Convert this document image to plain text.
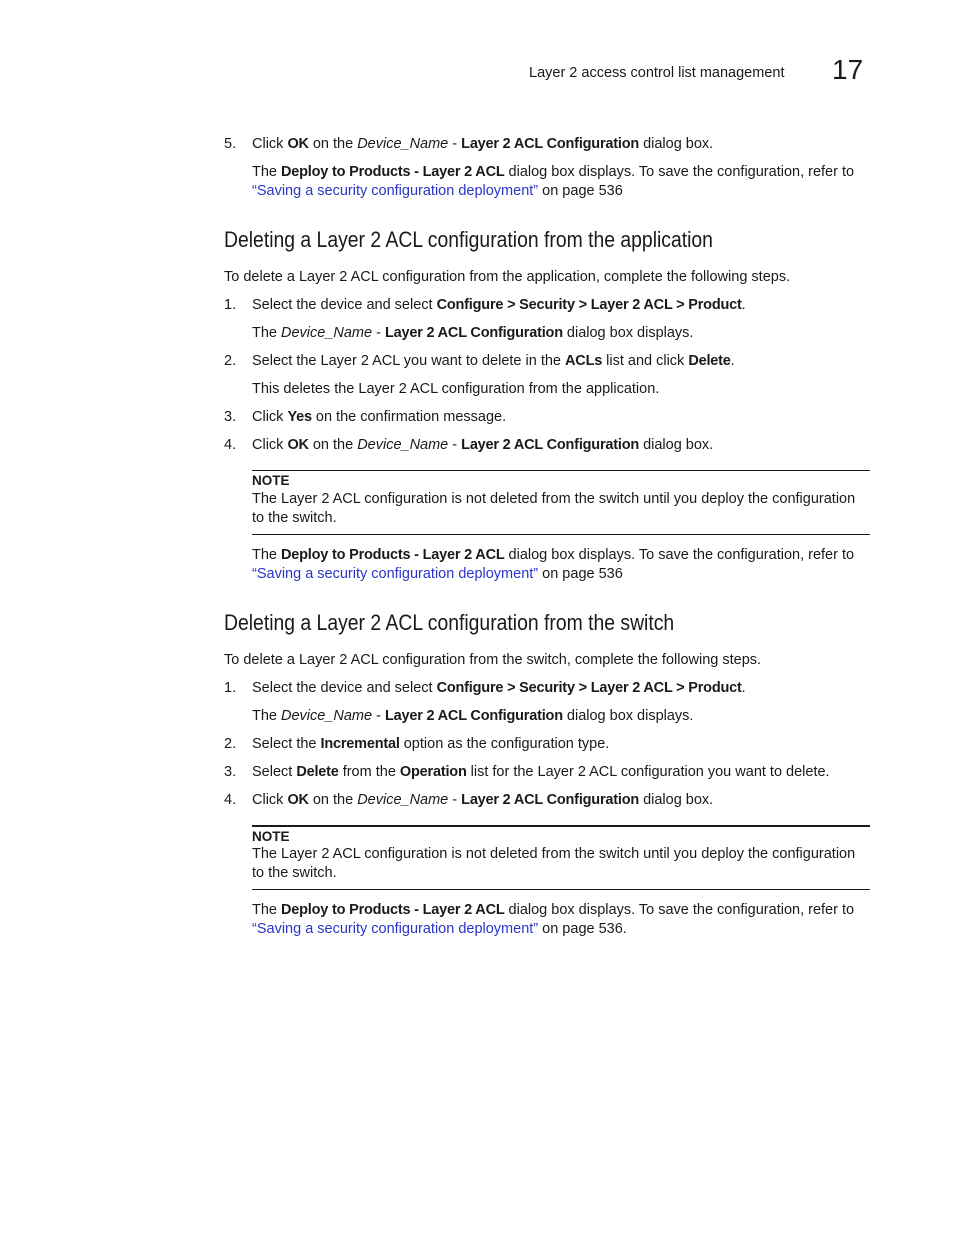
Layer 2 access control list management 17
5. Click OK on the Device_Name - Layer 2 ACL Configuration dialog box.
The Deploy to Products - Layer 2 ACL dialog box displays. To save the configuration, refer to
“Saving a security configuration deployment” on page 536
Deleting a Layer 2 ACL configuration from the application
To delete a Layer 2 ACL configuration from the application, complete the following steps.
1. Select the device and select Configure > Security > Layer 2 ACL > Product.
The Device_Name - Layer 2 ACL Configuration dialog box displays.
2. Select the Layer 2 ACL you want to delete in the ACLs list and click Delete.
This deletes the Layer 2 ACL configuration from the application.
3. Click Yes on the confirmation message.
4. Click OK on the Device_Name - Layer 2 ACL Configuration dialog box.
NOTE
The Layer 2 ACL configuration is not deleted from the switch until you deploy the configuration
to the switch.
The Deploy to Products - Layer 2 ACL dialog box displays. To save the configuration, refer to
“Saving a security configuration deployment” on page 536
Deleting a Layer 2 ACL configuration from the switch
To delete a Layer 2 ACL configuration from the switch, complete the following steps.
1. Select the device and select Configure > Security > Layer 2 ACL > Product.
The Device_Name - Layer 2 ACL Configuration dialog box displays.
2. Select the Incremental option as the configuration type.
3. Select Delete from the Operation list for the Layer 2 ACL configuration you want to delete.
4. Click OK on the Device_Name - Layer 2 ACL Configuration dialog box.
NOTE
The Layer 2 ACL configuration is not deleted from the switch until you deploy the configuration
to the switch.
The Deploy to Products - Layer 2 ACL dialog box displays. To save the configuration, refer to
“Saving a security configuration deployment” on page 536.
